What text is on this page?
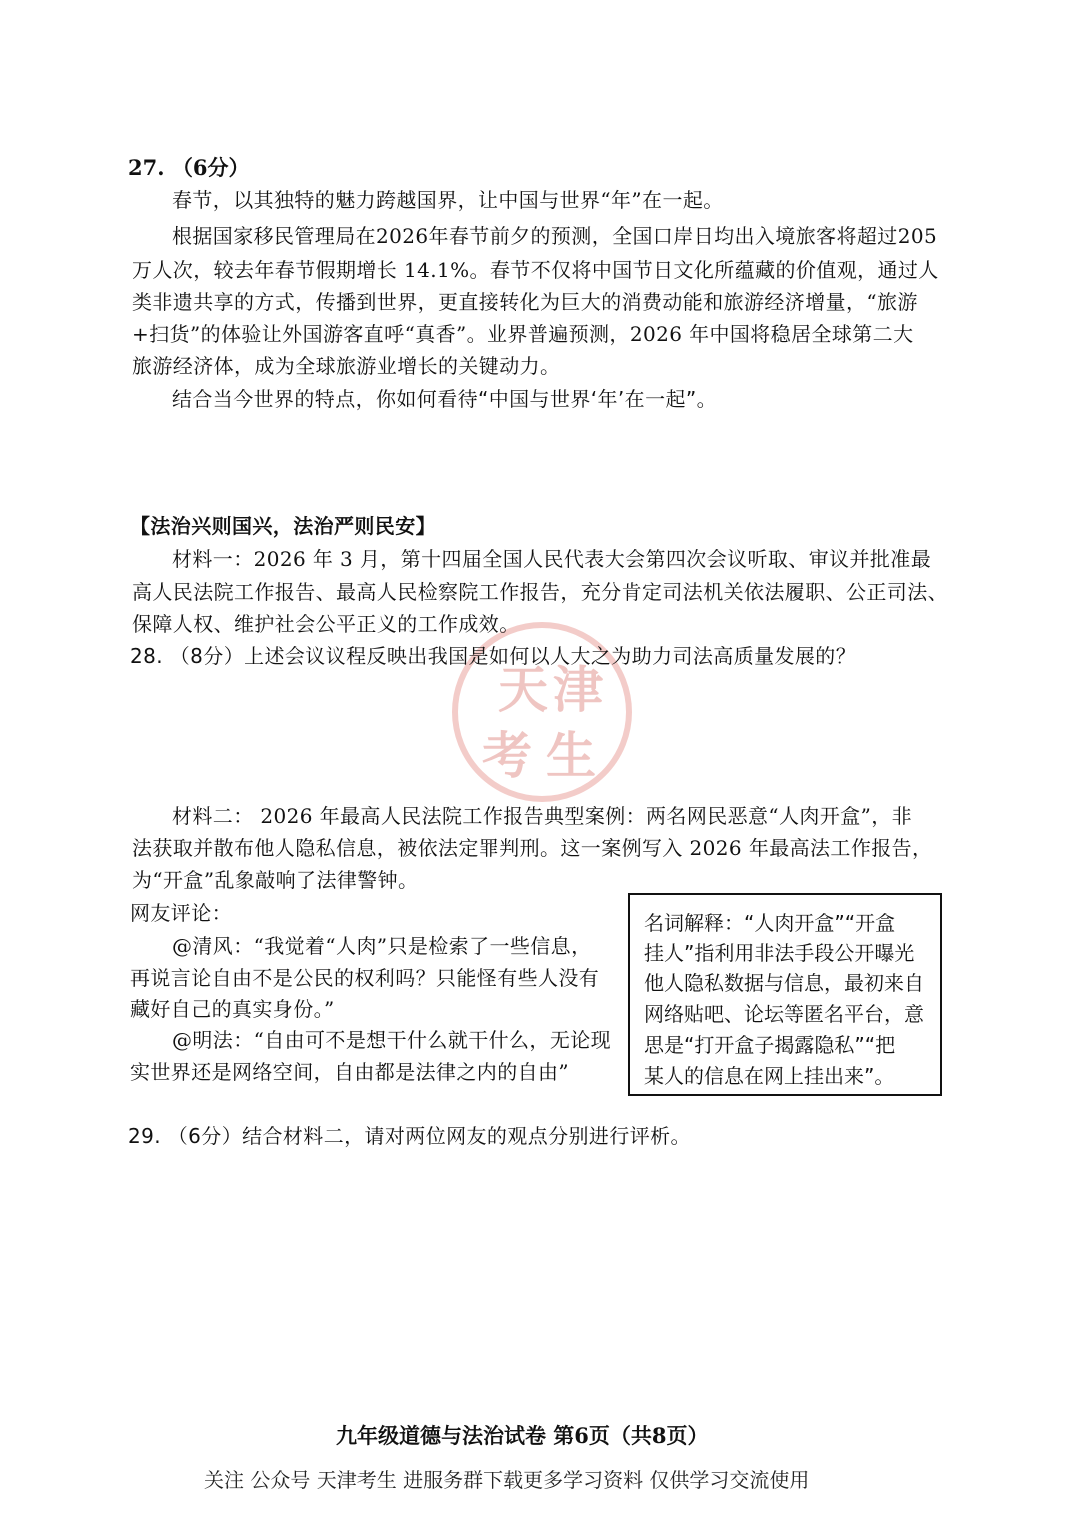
天 津
考 生
27. （6分）
春节，以其独特的魅力跨越国界，让中国与世界“年”在一起。
根据国家移民管理局在2026年春节前夕的预测，全国口岸日均出入境旅客将超过205
万人次，较去年春节假期增长 14.1%。春节不仅将中国节日文化所蕴藏的价值观，通过人
类非遗共享的方式，传播到世界，更直接转化为巨大的消费动能和旅游经济增量，“旅游
+扫货”的体验让外国游客直呼“真香”。业界普遍预测，2026 年中国将稳居全球第二大
旅游经济体，成为全球旅游业增长的关键动力。
结合当今世界的特点，你如何看待“中国与世界‘年’在一起”。
【法治兴则国兴，法治严则民安】
材料一：2026 年 3 月，第十四届全国人民代表大会第四次会议听取、审议并批准最
高人民法院工作报告、最高人民检察院工作报告，充分肯定司法机关依法履职、公正司法、
保障人权、维护社会公平正义的工作成效。
28. （8分）上述会议议程反映出我国是如何以人大之为助力司法高质量发展的？
材料二： 2026 年最高人民法院工作报告典型案例：两名网民恶意“人肉开盒”，非
法获取并散布他人隐私信息，被依法定罪判刑。这一案例写入 2026 年最高法工作报告，
为“开盒”乱象敲响了法律警钟。
网友评论：
@清风：“我觉着“人肉”只是检索了一些信息，
再说言论自由不是公民的权利吗？只能怪有些人没有
藏好自己的真实身份。”
@明法：“自由可不是想干什么就干什么，无论现
实世界还是网络空间，自由都是法律之内的自由”
名词解释：“人肉开盒”“开盒
挂人”指利用非法手段公开曝光
他人隐私数据与信息，最初来自
网络贴吧、论坛等匿名平台，意
思是“打开盒子揭露隐私”“把
某人的信息在网上挂出来”。
29. （6分）结合材料二，请对两位网友的观点分别进行评析。
九年级道德与法治试卷 第6页（共8页）
关注 公众号 天津考生 进服务群下载更多学习资料 仅供学习交流使用
